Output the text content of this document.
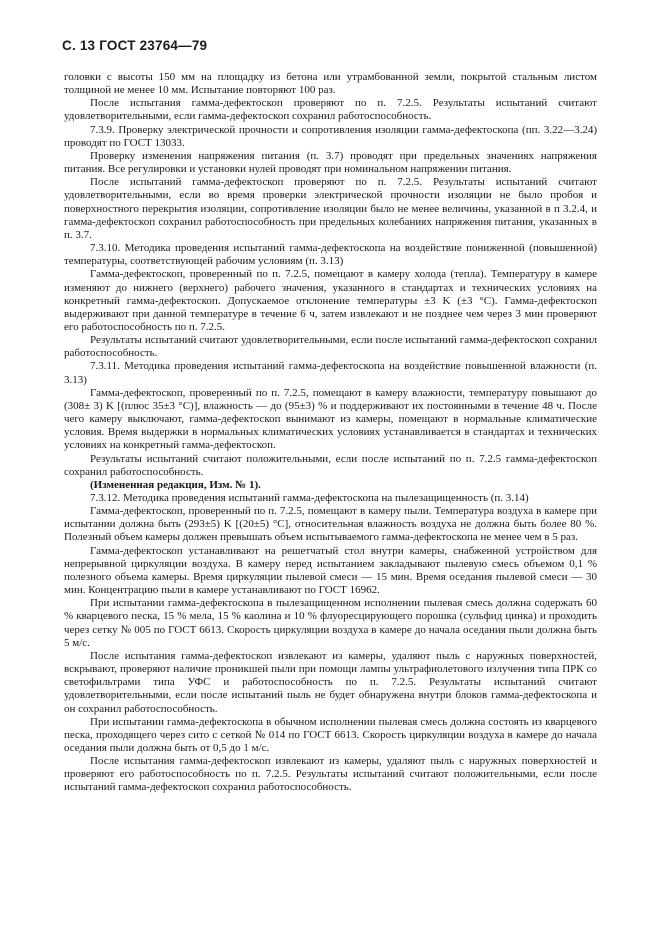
С. 13 ГОСТ 23764—79

головки с высоты 150 мм на площадку из бетона или утрамбованной земли, покрытой стальным листом толщиной не менее 10 мм. Испытание повторяют 100 раз.

После испытания гамма-дефектоскоп проверяют по п. 7.2.5. Результаты испытаний считают удовлетворительными, если гамма-дефектоскоп сохранил работоспособность.

7.3.9. Проверку электрической прочности и сопротивления изоляции гамма-дефектоскопа (пп. 3.22—3.24) проводят по ГОСТ 13033.

Проверку изменения напряжения питания (п. 3.7) проводят при предельных значениях напряжения питания. Все регулировки и установки нулей проводят при номинальном напряжении питания.

После испытаний гамма-дефектоскоп проверяют по п. 7.2.5. Результаты испытаний считают удовлетворительными, если во время проверки электрической прочности изоляции не было пробоя и поверхностного перекрытия изоляции, сопротивление изоляции было не менее величины, указанной в п 3.2.4, и гамма-дефектоскоп сохранил работоспособность при предельных колебаниях напряжения питания, указанных в п. 3.7.

7.3.10. Методика проведения испытаний гамма-дефектоскопа на воздействие пониженной (повышенной) температуры, соответствующей рабочим условиям (п. 3.13)

Гамма-дефектоскоп, проверенный по п. 7.2.5, помещают в камеру холода (тепла). Температуру в камере изменяют до нижнего (верхнего) рабочего значения, указанного в стандартах и технических условиях на конкретный гамма-дефектоскоп. Допускаемое отклонение температуры ±3 K (±3 °С). Гамма-дефектоскоп выдерживают при данной температуре в течение 6 ч, затем извлекают и не позднее чем через 3 мин проверяют его работоспособность по п. 7.2.5.

Результаты испытаний считают удовлетворительными, если после испытаний гамма-дефектоскоп сохранил работоспособность.

7.3.11. Методика проведения испытаний гамма-дефектоскопа на воздействие повышенной влажности (п. 3.13)

Гамма-дефектоскоп, проверенный по п. 7.2.5, помещают в камеру влажности, температуру повышают до (308± 3) K [(плюс 35±3 °С)], влажность — до (95±3) % и поддерживают их постоянными в течение 48 ч. После чего камеру выключают, гамма-дефектоскоп вынимают из камеры, помещают в нормальные климатические условия. Время выдержки в нормальных климатических условиях устанавливается в стандартах и технических условиях на конкретный гамма-дефектоскоп.

Результаты испытаний считают положительными, если после испытаний по п. 7.2.5 гамма-дефектоскоп сохранил работоспособность.

(Измененная редакция, Изм. № 1).

7.3.12. Методика проведения испытаний гамма-дефектоскопа на пылезащищенность (п. 3.14)

Гамма-дефектоскоп, проверенный по п. 7.2.5, помещают в камеру пыли. Температура воздуха в камере при испытании должна быть (293±5) K [(20±5) °С], относительная влажность воздуха не должна быть более 80 %. Полезный объем камеры должен превышать объем испытываемого гамма-дефектоскопа не менее чем в 5 раз.

Гамма-дефектоскоп устанавливают на решетчатый стол внутри камеры, снабженной устройством для непрерывной циркуляции воздуха. В камеру перед испытанием закладывают пылевую смесь объемом 0,1 % полезного объема камеры. Время циркуляции пылевой смеси — 15 мин. Время оседания пылевой смеси — 30 мин. Концентрацию пыли в камере устанавливают по ГОСТ 16962.

При испытании гамма-дефектоскопа в пылезащищенном исполнении пылевая смесь должна содержать 60 % кварцевого песка, 15 % мела, 15 % каолина и 10 % флуоресцирующего порошка (сульфид цинка) и проходить через сетку № 005 по ГОСТ 6613. Скорость циркуляции воздуха в камере до начала оседания пыли должна быть 5 м/с.

После испытания гамма-дефектоскоп извлекают из камеры, удаляют пыль с наружных поверхностей, вскрывают, проверяют наличие проникшей пыли при помощи лампы ультрафиолетового излучения типа ПРК со светофильтрами типа УФС и работоспособность по п. 7.2.5. Результаты испытаний считают удовлетворительными, если после испытаний пыль не будет обнаружена внутри блоков гамма-дефектоскопа и он сохранил работоспособность.

При испытании гамма-дефектоскопа в обычном исполнении пылевая смесь должна состоять из кварцевого песка, проходящего через сито с сеткой № 014 по ГОСТ 6613. Скорость циркуляции воздуха в камере до начала оседания пыли должна быть от 0,5 до 1 м/с.

После испытания гамма-дефектоскоп извлекают из камеры, удаляют пыль с наружных поверхностей и проверяют его работоспособность по п. 7.2.5. Результаты испытаний считают положительными, если после испытаний гамма-дефектоскоп сохранил работоспособность.
